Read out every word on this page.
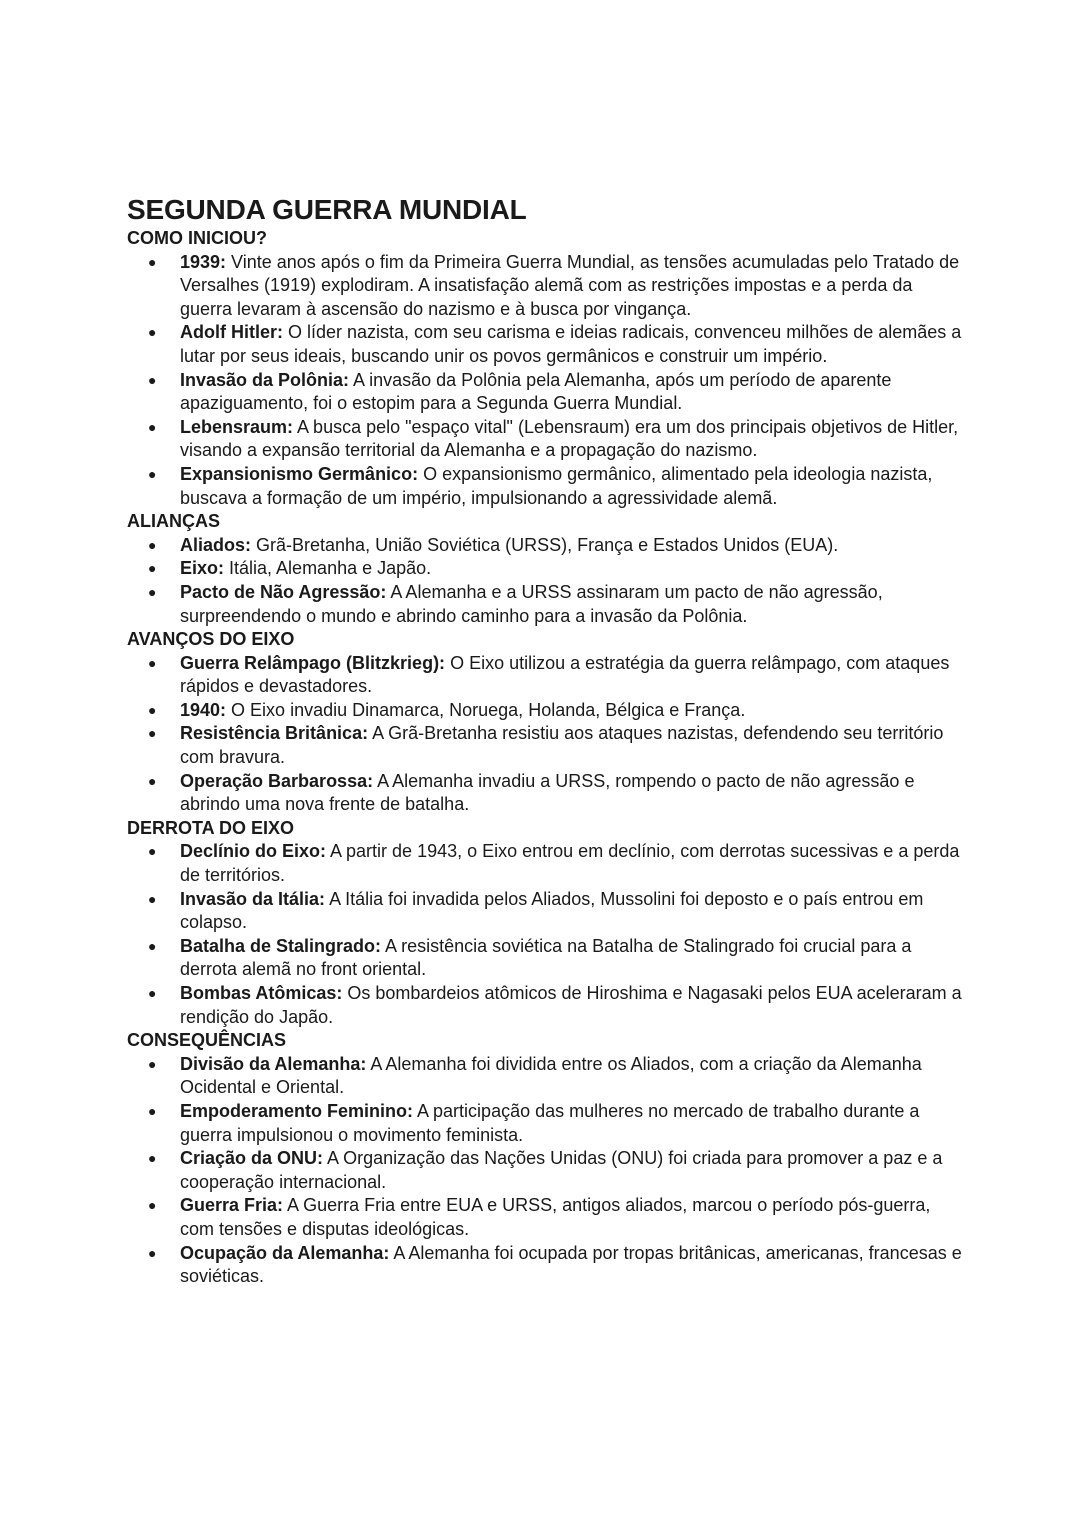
SEGUNDA GUERRA MUNDIAL
COMO INICIOU?
● 1939: Vinte anos após o fim da Primeira Guerra Mundial, as tensões acumuladas pelo Tratado de Versalhes (1919) explodiram. A insatisfação alemã com as restrições impostas e a perda da guerra levaram à ascensão do nazismo e à busca por vingança.
● Adolf Hitler: O líder nazista, com seu carisma e ideias radicais, convenceu milhões de alemães a lutar por seus ideais, buscando unir os povos germânicos e construir um império.
● Invasão da Polônia: A invasão da Polônia pela Alemanha, após um período de aparente apaziguamento, foi o estopim para a Segunda Guerra Mundial.
● Lebensraum: A busca pelo "espaço vital" (Lebensraum) era um dos principais objetivos de Hitler, visando a expansão territorial da Alemanha e a propagação do nazismo.
● Expansionismo Germânico: O expansionismo germânico, alimentado pela ideologia nazista, buscava a formação de um império, impulsionando a agressividade alemã.
ALIANÇAS
● Aliados: Grã-Bretanha, União Soviética (URSS), França e Estados Unidos (EUA).
● Eixo: Itália, Alemanha e Japão.
● Pacto de Não Agressão: A Alemanha e a URSS assinaram um pacto de não agressão, surpreendendo o mundo e abrindo caminho para a invasão da Polônia.
AVANÇOS DO EIXO
● Guerra Relâmpago (Blitzkrieg): O Eixo utilizou a estratégia da guerra relâmpago, com ataques rápidos e devastadores.
● 1940: O Eixo invadiu Dinamarca, Noruega, Holanda, Bélgica e França.
● Resistência Britânica: A Grã-Bretanha resistiu aos ataques nazistas, defendendo seu território com bravura.
● Operação Barbarossa: A Alemanha invadiu a URSS, rompendo o pacto de não agressão e abrindo uma nova frente de batalha.
DERROTA DO EIXO
● Declínio do Eixo: A partir de 1943, o Eixo entrou em declínio, com derrotas sucessivas e a perda de territórios.
● Invasão da Itália: A Itália foi invadida pelos Aliados, Mussolini foi deposto e o país entrou em colapso.
● Batalha de Stalingrado: A resistência soviética na Batalha de Stalingrado foi crucial para a derrota alemã no front oriental.
● Bombas Atômicas: Os bombardeios atômicos de Hiroshima e Nagasaki pelos EUA aceleraram a rendição do Japão.
CONSEQUÊNCIAS
● Divisão da Alemanha: A Alemanha foi dividida entre os Aliados, com a criação da Alemanha Ocidental e Oriental.
● Empoderamento Feminino: A participação das mulheres no mercado de trabalho durante a guerra impulsionou o movimento feminista.
● Criação da ONU: A Organização das Nações Unidas (ONU) foi criada para promover a paz e a cooperação internacional.
● Guerra Fria: A Guerra Fria entre EUA e URSS, antigos aliados, marcou o período pós-guerra, com tensões e disputas ideológicas.
● Ocupação da Alemanha: A Alemanha foi ocupada por tropas britânicas, americanas, francesas e soviéticas.
